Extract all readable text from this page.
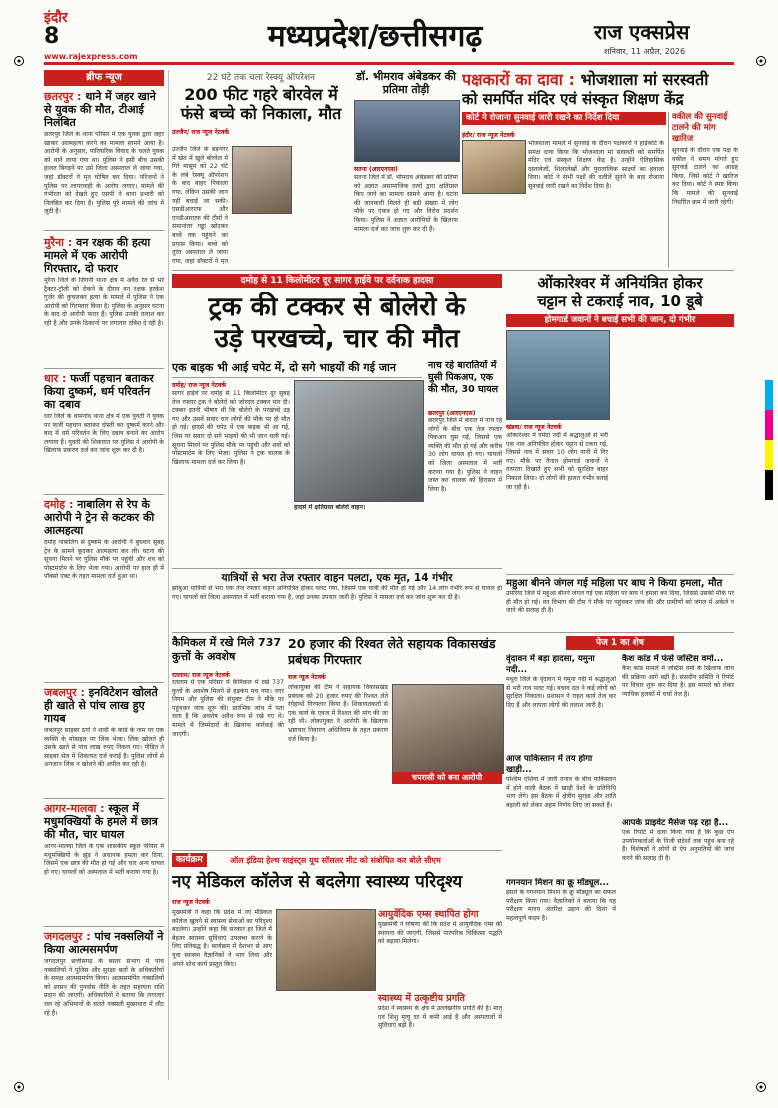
इंदौर
8	मध्यप्रदेश/छत्तीसगढ़	राज एक्सप्रेस
शनिवार, 11 अप्रैल, 2026
www.rajexpress.com
ब्रीफ न्यूज
छतरपुर : थाने में जहर खाने से युवक की मौत, टीआई निलंबित
छतरपुर जिले के थाना परिसर में एक युवक द्वारा जहर खाकर आत्महत्या करने का मामला सामने आया है। आरोपी के अनुसार, पारिवारिक विवाद के चलते युवक को थाने लाया गया था। पुलिस ने इसी बीच उसकी हालत बिगड़ने पर उसे जिला अस्पताल ले जाया गया, जहां डॉक्टरों ने मृत घोषित कर दिया। परिजनों ने पुलिस पर लापरवाही के आरोप लगाए। मामले की गंभीरता को देखते हुए एसपी ने थाना प्रभारी को निलंबित कर दिया है। पुलिस पूरे मामले की जांच में जुटी है।
मुरैना : वन रक्षक की हत्या मामले में एक आरोपी गिरफ्तार, दो फरार
मुरैना जिले के जिगनी थाना क्षेत्र में अवैध रेत से भरे ट्रैक्टर-ट्रॉली को रोकने के दौरान वन रक्षक हरकेश गुर्जर की कुचलकर हत्या के मामले में पुलिस ने एक आरोपी को गिरफ्तार किया है। पुलिस के अनुसार घटना के बाद दो आरोपी फरार हैं। पुलिस उनकी तलाश कर रही है और उनके ठिकानों पर लगातार दबिश दे रही है।
धार : फर्जी पहचान बताकर किया दुष्कर्म, धर्म परिवर्तन का दबाव
धार जिले के धामनोद थाना क्षेत्र में एक युवती ने युवक पर फर्जी पहचान बताकर दोस्ती कर दुष्कर्म करने और बाद में धर्म परिवर्तन के लिए दबाव बनाने का आरोप लगाया है। युवती की शिकायत पर पुलिस ने आरोपी के खिलाफ प्रकरण दर्ज कर जांच शुरू कर दी है।
दमोह : नाबालिग से रेप के आरोपी ने ट्रेन से कटकर की आत्महत्या
दमोह नाबालिग से दुष्कर्म के आरोपी ने बुधवार सुबह ट्रेन के सामने कूदकर आत्महत्या कर ली। घटना की सूचना मिलने पर पुलिस मौके पर पहुंची और शव को पोस्टमार्टम के लिए भेजा गया। आरोपी पर हाल ही में पॉक्सो एक्ट के तहत मामला दर्ज हुआ था।
जबलपुर : इनविटेशन खोलते ही खाते से पांच लाख हुए गायब
जबलपुर साइबर ठगों ने शादी के कार्ड के नाम पर एक व्यक्ति के मोबाइल पर लिंक भेजा। लिंक खोलते ही उसके खाते से पांच लाख रुपए निकल गए। पीड़ित ने साइबर सेल में शिकायत दर्ज कराई है। पुलिस लोगों से अनजान लिंक न खोलने की अपील कर रही है।
आगर-मालवा : स्कूल में मधुमक्खियों के हमले में छात्र की मौत, चार घायल
आगर-मालवा जिले के एक शासकीय स्कूल परिसर में मधुमक्खियों के झुंड ने अचानक हमला कर दिया, जिसमें एक छात्र की मौत हो गई और चार अन्य घायल हो गए। घायलों को अस्पताल में भर्ती कराया गया है।
जगदलपुर : पांच नक्सलियों ने किया आत्मसमर्पण
जगदलपुर छत्तीसगढ़ के बस्तर संभाग में पांच नक्सलियों ने पुलिस और सुरक्षा बलों के अधिकारियों के समक्ष आत्मसमर्पण किया। आत्मसमर्पित नक्सलियों को शासन की पुनर्वास नीति के तहत सहायता राशि प्रदान की जाएगी। अधिकारियों ने बताया कि लगातार चल रहे अभियानों के चलते नक्सली मुख्यधारा में लौट रहे हैं।
22 घंटे तक चला रेस्क्यू ऑपरेशन
200 फीट गहरे बोरवेल में फंसे बच्चे को निकाला, मौत
उज्जैन/ राज न्यूज नेटवर्क
उज्जैन जिले के बड़नगर में खेत में खुले बोरवेल में गिरे मासूम को 22 घंटे के लंबे रेस्क्यू ऑपरेशन के बाद बाहर निकाला गया, लेकिन उसकी जान नहीं बचाई जा सकी। एसडीआरएफ और एनडीआरएफ की टीमों ने समानांतर गड्ढा खोदकर बच्चे तक पहुंचने का प्रयास किया। बच्चे को तुरंत अस्पताल ले जाया गया, जहां डॉक्टरों ने मृत
डॉ. भीमराव अंबेडकर की प्रतिमा तोड़ी
सतना (आरएनएस)
सतना जिले में डॉ. भीमराव अंबेडकर की प्रतिमा को अज्ञात असामाजिक तत्वों द्वारा क्षतिग्रस्त किए जाने का मामला सामने आया है। घटना की जानकारी मिलते ही बड़ी संख्या में लोग मौके पर एकत्र हो गए और विरोध प्रदर्शन किया। पुलिस ने अज्ञात आरोपियों के खिलाफ मामला दर्ज कर जांच शुरू कर दी है।
पक्षकारों का दावा : भोजशाला मां सरस्वती
को समर्पित मंदिर एवं संस्कृत शिक्षण केंद्र
कोर्ट ने रोजाना सुनवाई जारी रखने का निर्देश दिया
इंदौर/ राज न्यूज नेटवर्क
भोजशाला मामले में सुनवाई के दौरान पक्षकारों ने हाईकोर्ट के समक्ष दावा किया कि भोजशाला मां सरस्वती को समर्पित मंदिर एवं संस्कृत शिक्षण केंद्र है। उन्होंने ऐतिहासिक दस्तावेजों, शिलालेखों और पुरातात्विक साक्ष्यों का हवाला दिया। कोर्ट ने सभी पक्षों की दलीलें सुनने के बाद रोजाना सुनवाई जारी रखने का निर्देश दिया है।
वकील की सुनवाई टालने की मांग खारिज
सुनवाई के दौरान एक पक्ष के वकील ने समय मांगते हुए सुनवाई टालने का आग्रह किया, जिसे कोर्ट ने खारिज कर दिया। कोर्ट ने स्पष्ट किया कि मामले की सुनवाई निर्धारित क्रम में जारी रहेगी।
दमोह से 11 किलोमीटर दूर सागर हाईवे पर दर्दनाक हादसा
ट्रक की टक्कर से बोलेरो के
उड़े परखच्चे, चार की मौत
एक बाइक भी आई चपेट में, दो सगे भाइयों की गई जान
दमोह/ राज न्यूज नेटवर्क
सागर हाईवे पर दमोह से 11 किलोमीटर दूर सुबह तेज रफ्तार ट्रक ने बोलेरो को जोरदार टक्कर मार दी। टक्कर इतनी भीषण थी कि बोलेरो के परखच्चे उड़ गए और उसमें सवार चार लोगों की मौके पर ही मौत हो गई। हादसे की चपेट में एक बाइक भी आ गई, जिस पर सवार दो सगे भाइयों की भी जान चली गई। सूचना मिलने पर पुलिस मौके पर पहुंची और शवों को पोस्टमार्टम के लिए भेजा। पुलिस ने ट्रक चालक के खिलाफ मामला दर्ज कर लिया है।
हादसे में क्षतिग्रस्त बोलेरो वाहन।
नाच रहे बारातियों में घुसी पिकअप, एक की मौत, 30 घायल
छतरपुर (आरएनएस)
छतरपुर जिले में बारात में नाच रहे लोगों के बीच एक तेज रफ्तार पिकअप घुस गई, जिससे एक व्यक्ति की मौत हो गई और करीब 30 लोग घायल हो गए। घायलों को जिला अस्पताल में भर्ती कराया गया है। पुलिस ने वाहन जब्त कर चालक को हिरासत में लिया है।
यात्रियों से भरा तेज रफ्तार वाहन पलटा, एक मृत, 14 गंभीर
झाबुआ यात्रियों से भरा एक तेज रफ्तार वाहन अनियंत्रित होकर पलट गया, जिसमें एक यात्री की मौत हो गई और 14 लोग गंभीर रूप से घायल हो गए। घायलों को जिला अस्पताल में भर्ती कराया गया है, जहां उनका उपचार जारी है। पुलिस ने मामला दर्ज कर जांच शुरू कर दी है।
ओंकारेश्वर में अनियंत्रित होकर
चट्टान से टकराई नाव, 10 डूबे
होमगार्ड जवानों ने बचाई सभी की जान, दो गंभीर
खंडवा/ राज न्यूज नेटवर्क
ओंकारेश्वर में नर्मदा नदी में श्रद्धालुओं से भरी एक नाव अनियंत्रित होकर चट्टान से टकरा गई, जिससे नाव में सवार 10 लोग पानी में गिर गए। मौके पर तैनात होमगार्ड जवानों ने तत्परता दिखाते हुए सभी को सुरक्षित बाहर निकाल लिया। दो लोगों की हालत गंभीर बताई जा रही है।
महुआ बीनने जंगल गई महिला पर बाघ ने किया हमला, मौत
उमरिया जिले में महुआ बीनने जंगल गई एक महिला पर बाघ ने हमला कर दिया, जिससे उसकी मौके पर ही मौत हो गई। वन विभाग की टीम ने मौके पर पहुंचकर जांच की और ग्रामीणों को जंगल में अकेले न जाने की सलाह दी है।
कैमिकल में रखे मिले 737 कुत्तों के अवशेष
रतलाम/ राज न्यूज नेटवर्क
रतलाम में एक परिसर में कैमिकल में रखे 737 कुत्तों के अवशेष मिलने से हड़कंप मच गया। नगर निगम और पुलिस की संयुक्त टीम ने मौके पर पहुंचकर जांच शुरू की। प्रारंभिक जांच में पता चला है कि अवशेष अवैध रूप से रखे गए थे। मामले में जिम्मेदारों के खिलाफ कार्रवाई की जाएगी।
20 हजार की रिश्वत लेते सहायक विकासखंड प्रबंधक गिरफ्तार
राज न्यूज नेटवर्क
लोकायुक्त की टीम ने सहायक विकासखंड प्रबंधक को 20 हजार रुपए की रिश्वत लेते रंगेहाथों गिरफ्तार किया है। शिकायतकर्ता से एक कार्य के एवज में रिश्वत की मांग की जा रही थी। लोकायुक्त ने आरोपी के खिलाफ भ्रष्टाचार निवारण अधिनियम के तहत प्रकरण दर्ज किया है।
चपरासी को बना आरोपी
पेज 1 का शेष
वृंदावन में बड़ा हादसा, यमुना नदी...
मथुरा जिले के वृंदावन में यमुना नदी में श्रद्धालुओं से भरी नाव पलट गई। बचाव दल ने कई लोगों को सुरक्षित निकाला। प्रशासन ने राहत कार्य तेज कर दिए हैं और लापता लोगों की तलाश जारी है।
आज पाकिस्तान में तय होगा खाड़ी...
पश्चिम एशिया में जारी तनाव के बीच पाकिस्तान में होने वाली बैठक में खाड़ी देशों के प्रतिनिधि भाग लेंगे। इस बैठक में क्षेत्रीय सुरक्षा और शांति बहाली को लेकर अहम निर्णय लिए जा सकते हैं।
गगनयान मिशन का क्रू मॉड्यूल...
इसरो के गगनयान मिशन के क्रू मॉड्यूल का सफल परीक्षण किया गया। वैज्ञानिकों ने बताया कि यह परीक्षण मानव अंतरिक्ष उड़ान की दिशा में महत्वपूर्ण कदम है।
कैश कांड में फंसे जस्टिस वर्मा...
कैश कांड मामले में जस्टिस वर्मा के खिलाफ जांच की प्रक्रिया आगे बढ़ी है। संसदीय समिति ने रिपोर्ट पर विचार शुरू कर दिया है। इस मामले को लेकर न्यायिक हलकों में चर्चा तेज है।
आपके प्राइवेट मैसेज पढ़ रहा है...
एक रिपोर्ट में दावा किया गया है कि कुछ ऐप उपयोगकर्ताओं के निजी संदेशों तक पहुंच बना रहे हैं। विशेषज्ञों ने लोगों से ऐप अनुमतियों की जांच करने की सलाह दी है।
कार्यक्रम	ऑल इंडिया हेल्थ साइंस्ट्स यूथ सॉसलर मीट को संबोधित कर बोले सीएम
नए मेडिकल कॉलेज से बदलेगा स्वास्थ्य परिदृश्य
राज न्यूज नेटवर्क
मुख्यमंत्री ने कहा कि प्रदेश में नए मेडिकल कॉलेज खुलने से स्वास्थ्य सेवाओं का परिदृश्य बदलेगा। उन्होंने कहा कि सरकार हर जिले में बेहतर स्वास्थ्य सुविधाएं उपलब्ध कराने के लिए प्रतिबद्ध है। कार्यक्रम में देशभर से आए युवा स्वास्थ्य वैज्ञानिकों ने भाग लिया और अपने शोध कार्य प्रस्तुत किए।
आयुर्वेदिक एम्स स्थापित होगा
मुख्यमंत्री ने घोषणा की कि प्रदेश में आयुर्वेदिक एम्स की स्थापना की जाएगी, जिससे पारंपरिक चिकित्सा पद्धति को बढ़ावा मिलेगा।
स्वास्थ्य में उत्कृष्टीय प्रगति
प्रदेश ने स्वास्थ्य के क्षेत्र में उल्लेखनीय प्रगति की है। मातृ एवं शिशु मृत्यु दर में कमी आई है और अस्पतालों में सुविधाएं बढ़ी हैं।
